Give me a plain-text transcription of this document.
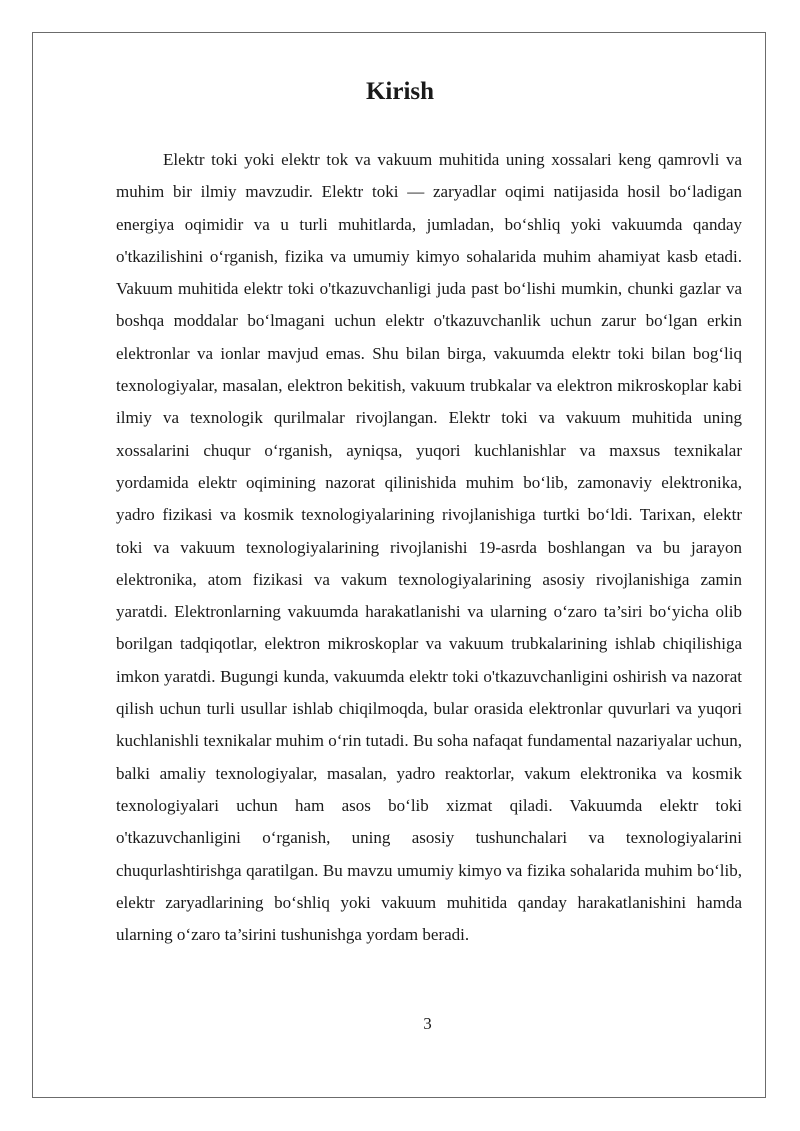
Kirish

Elektr toki yoki elektr tok va vakuum muhitida uning xossalari keng qamrovli va muhim bir ilmiy mavzudir. Elektr toki — zaryadlar oqimi natijasida hosil bo‘ladigan energiya oqimidir va u turli muhitlarda, jumladan, bo‘shliq yoki vakuumda qanday o'tkazilishini o‘rganish, fizika va umumiy kimyo sohalarida muhim ahamiyat kasb etadi. Vakuum muhitida elektr toki o'tkazuvchanligi juda past bo‘lishi mumkin, chunki gazlar va boshqa moddalar bo‘lmagani uchun elektr o'tkazuvchanlik uchun zarur bo‘lgan erkin elektronlar va ionlar mavjud emas. Shu bilan birga, vakuumda elektr toki bilan bog‘liq texnologiyalar, masalan, elektron bekitish, vakuum trubkalar va elektron mikroskoplar kabi ilmiy va texnologik qurilmalar rivojlangan. Elektr toki va vakuum muhitida uning xossalarini chuqur o‘rganish, ayniqsa, yuqori kuchlanishlar va maxsus texnikalar yordamida elektr oqimining nazorat qilinishida muhim bo‘lib, zamonaviy elektronika, yadro fizikasi va kosmik texnologiyalarining rivojlanishiga turtki bo‘ldi. Tarixan, elektr toki va vakuum texnologiyalarining rivojlanishi 19-asrda boshlangan va bu jarayon elektronika, atom fizikasi va vakum texnologiyalarining asosiy rivojlanishiga zamin yaratdi. Elektronlarning vakuumda harakatlanishi va ularning o‘zaro ta’siri bo‘yicha olib borilgan tadqiqotlar, elektron mikroskoplar va vakuum trubkalarining ishlab chiqilishiga imkon yaratdi. Bugungi kunda, vakuumda elektr toki o'tkazuvchanligini oshirish va nazorat qilish uchun turli usullar ishlab chiqilmoqda, bular orasida elektronlar quvurlari va yuqori kuchlanishli texnikalar muhim o‘rin tutadi. Bu soha nafaqat fundamental nazariyalar uchun, balki amaliy texnologiyalar, masalan, yadro reaktorlar, vakum elektronika va kosmik texnologiyalari uchun ham asos bo‘lib xizmat qiladi. Vakuumda elektr toki o'tkazuvchanligini o‘rganish, uning asosiy tushunchalari va texnologiyalarini chuqurlashtirishga qaratilgan. Bu mavzu umumiy kimyo va fizika sohalarida muhim bo‘lib, elektr zaryadlarining bo‘shliq yoki vakuum muhitida qanday harakatlanishini hamda ularning o‘zaro ta’sirini tushunishga yordam beradi.

3
